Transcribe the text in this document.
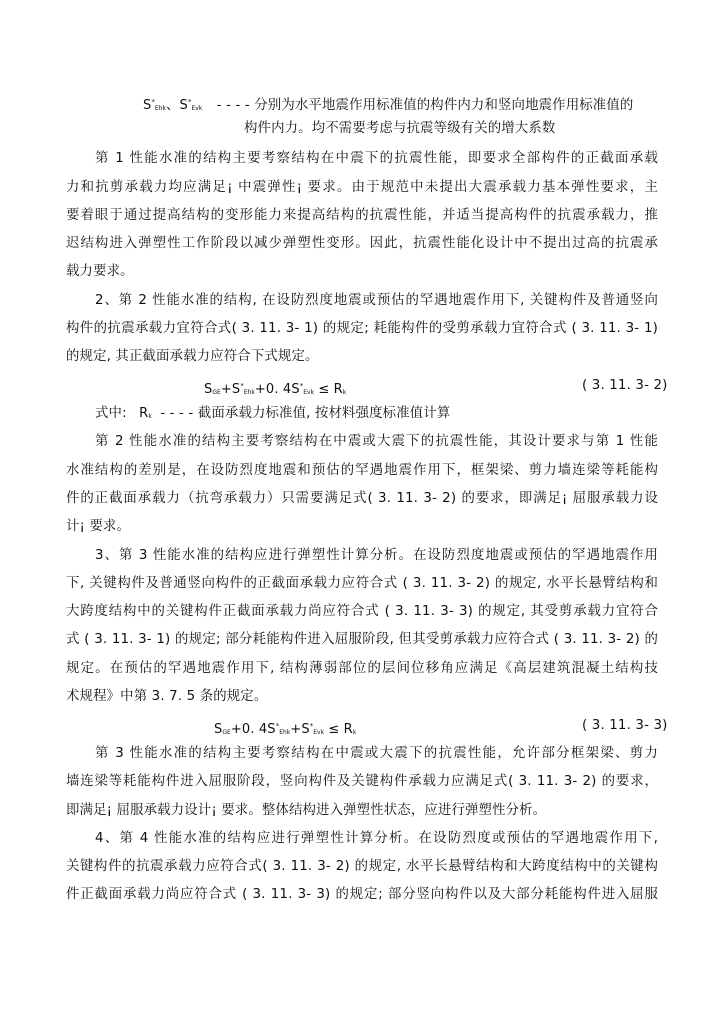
S*Ehk、S*Evk - - - - 分别为水平地震作用标准值的构件内力和竖向地震作用标准值的
构件内力。均不需要考虑与抗震等级有关的增大系数
第 1 性能水准的结构主要考察结构在中震下的抗震性能，即要求全部构件的正截面承载
力和抗剪承载力均应满足¡ 中震弹性¡ 要求。由于规范中未提出大震承载力基本弹性要求，主
要着眼于通过提高结构的变形能力来提高结构的抗震性能，并适当提高构件的抗震承载力，推
迟结构进入弹塑性工作阶段以减少弹塑性变形。因此，抗震性能化设计中不提出过高的抗震承
载力要求。
2、第 2 性能水准的结构, 在设防烈度地震或预估的罕遇地震作用下, 关键构件及普通竖向
构件的抗震承载力宜符合式( 3. 11. 3- 1) 的规定; 耗能构件的受剪承载力宜符合式 ( 3. 11. 3- 1)
的规定, 其正截面承载力应符合下式规定。
SGE+S*Ehk+0. 4S*Evk ≤ Rk	( 3. 11. 3- 2)
式中: Rk - - - - 截面承载力标准值, 按材料强度标准值计算
第 2 性能水准的结构主要考察结构在中震或大震下的抗震性能，其设计要求与第 1 性能
水准结构的差别是，在设防烈度地震和预估的罕遇地震作用下，框架梁、剪力墙连梁等耗能构
件的正截面承载力（抗弯承载力）只需要满足式( 3. 11. 3- 2) 的要求，即满足¡ 屈服承载力设
计¡ 要求。
3、第 3 性能水准的结构应进行弹塑性计算分析。在设防烈度地震或预估的罕遇地震作用
下, 关键构件及普通竖向构件的正截面承载力应符合式 ( 3. 11. 3- 2) 的规定, 水平长悬臂结构和
大跨度结构中的关键构件正截面承载力尚应符合式 ( 3. 11. 3- 3) 的规定, 其受剪承载力宜符合
式 ( 3. 11. 3- 1) 的规定; 部分耗能构件进入屈服阶段, 但其受剪承载力应符合式 ( 3. 11. 3- 2) 的
规定。在预估的罕遇地震作用下, 结构薄弱部位的层间位移角应满足《高层建筑混凝土结构技
术规程》中第 3. 7. 5 条的规定。
SGE+0. 4S*Ehk+S*Evk ≤ Rk	( 3. 11. 3- 3)
第 3 性能水准的结构主要考察结构在中震或大震下的抗震性能，允许部分框架梁、剪力
墙连梁等耗能构件进入屈服阶段，竖向构件及关键构件承载力应满足式( 3. 11. 3- 2) 的要求，
即满足¡ 屈服承载力设计¡ 要求。整体结构进入弹塑性状态，应进行弹塑性分析。
4、第 4 性能水准的结构应进行弹塑性计算分析。在设防烈度或预估的罕遇地震作用下,
关键构件的抗震承载力应符合式( 3. 11. 3- 2) 的规定, 水平长悬臂结构和大跨度结构中的关键构
件正截面承载力尚应符合式 ( 3. 11. 3- 3) 的规定; 部分竖向构件以及大部分耗能构件进入屈服
